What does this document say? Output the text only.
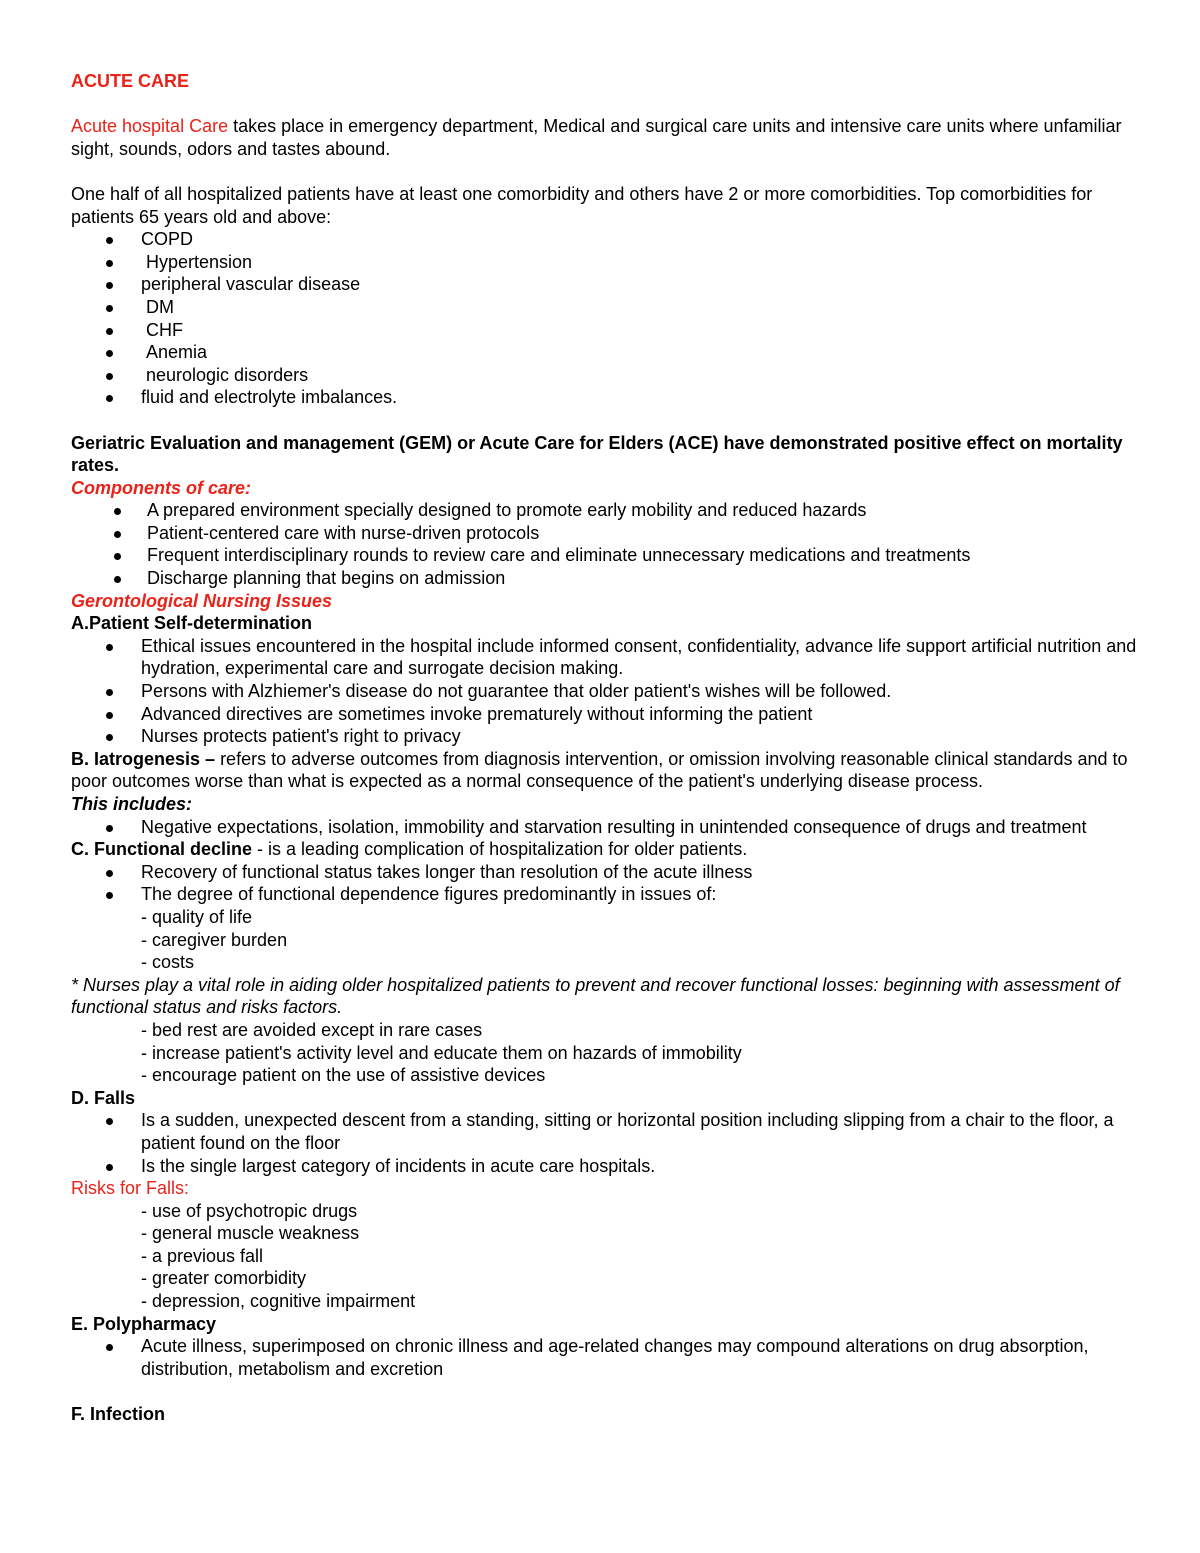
ACUTE CARE

Acute hospital Care takes place in emergency department, Medical and surgical care units and intensive care units where unfamiliar sight, sounds, odors and tastes abound.

One half of all hospitalized patients have at least one comorbidity and others have 2 or more comorbidities. Top comorbidities for patients 65 years old and above:

COPD
Hypertension
peripheral vascular disease
DM
CHF
Anemia
neurologic disorders
fluid and electrolyte imbalances.

Geriatric Evaluation and management (GEM) or Acute Care for Elders (ACE) have demonstrated positive effect on mortality rates.

Components of care:

A prepared environment specially designed to promote early mobility and reduced hazards
Patient-centered care with nurse-driven protocols
Frequent interdisciplinary rounds to review care and eliminate unnecessary medications and treatments
Discharge planning that begins on admission

Gerontological Nursing Issues

A.Patient Self-determination

Ethical issues encountered in the hospital include informed consent, confidentiality, advance life support artificial nutrition and hydration, experimental care and surrogate decision making.
Persons with Alzhiemer's disease do not guarantee that older patient's wishes will be followed.
Advanced directives are sometimes invoke prematurely without informing the patient
Nurses protects patient's right to privacy

B. Iatrogenesis – refers to adverse outcomes from diagnosis intervention, or omission involving reasonable clinical standards and to poor outcomes worse than what is expected as a normal consequence of the patient's underlying disease process.

This includes:

Negative expectations, isolation, immobility and starvation resulting in unintended consequence of drugs and treatment

C. Functional decline - is a leading complication of hospitalization for older patients.

Recovery of functional status takes longer than resolution of the acute illness
The degree of functional dependence figures predominantly in issues of:

- quality of life

- caregiver burden

- costs

* Nurses play a vital role in aiding older hospitalized patients to prevent and recover functional losses: beginning with assessment of functional status and risks factors.

- bed rest are avoided except in rare cases

- increase patient's activity level and educate them on hazards of immobility

- encourage patient on the use of assistive devices

D. Falls

Is a sudden, unexpected descent from a standing, sitting or horizontal position including slipping from a chair to the floor, a patient found on the floor
Is the single largest category of incidents in acute care hospitals.

Risks for Falls:

- use of psychotropic drugs

- general muscle weakness

- a previous fall

- greater comorbidity

- depression, cognitive impairment

E. Polypharmacy

Acute illness, superimposed on chronic illness and age-related changes may compound alterations on drug absorption, distribution, metabolism and excretion

F. Infection
